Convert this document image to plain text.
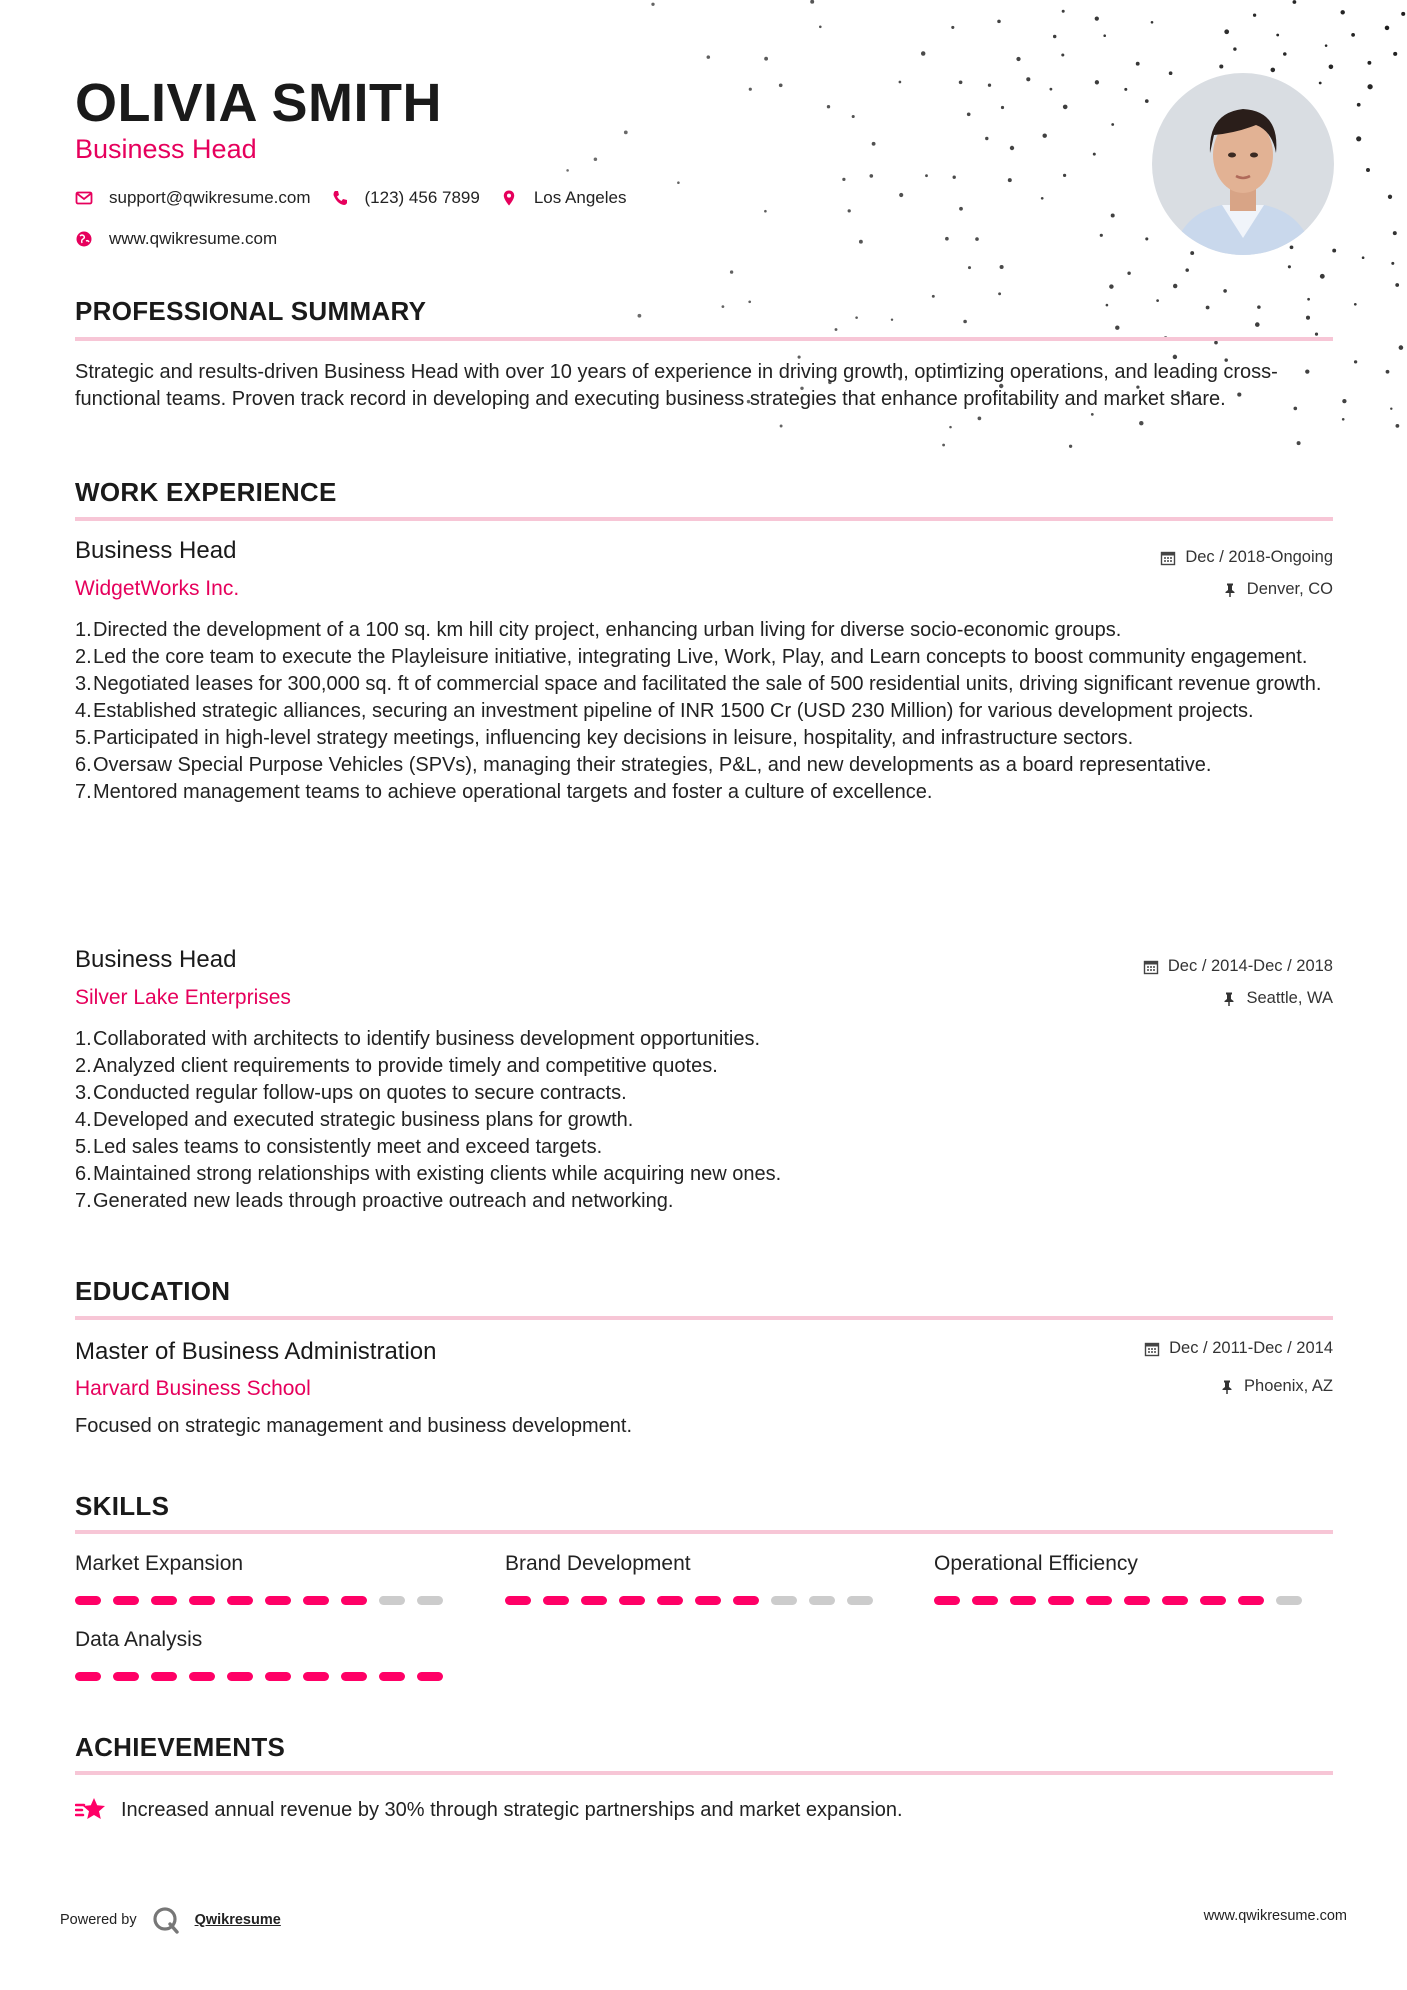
OLIVIA SMITH
Business Head
support@qwikresume.com	(123) 456 7899	Los Angeles
www.qwikresume.com
PROFESSIONAL SUMMARY
Strategic and results-driven Business Head with over 10 years of experience in driving growth, optimizing operations, and leading cross-functional teams. Proven track record in developing and executing business strategies that enhance profitability and market share.
WORK EXPERIENCE
Business Head
WidgetWorks Inc.
Dec / 2018-Ongoing
Denver, CO
Directed the development of a 100 sq. km hill city project, enhancing urban living for diverse socio-economic groups.
Led the core team to execute the Playleisure initiative, integrating Live, Work, Play, and Learn concepts to boost community engagement.
Negotiated leases for 300,000 sq. ft of commercial space and facilitated the sale of 500 residential units, driving significant revenue growth.
Established strategic alliances, securing an investment pipeline of INR 1500 Cr (USD 230 Million) for various development projects.
Participated in high-level strategy meetings, influencing key decisions in leisure, hospitality, and infrastructure sectors.
Oversaw Special Purpose Vehicles (SPVs), managing their strategies, P&L, and new developments as a board representative.
Mentored management teams to achieve operational targets and foster a culture of excellence.
Business Head
Silver Lake Enterprises
Dec / 2014-Dec / 2018
Seattle, WA
Collaborated with architects to identify business development opportunities.
Analyzed client requirements to provide timely and competitive quotes.
Conducted regular follow-ups on quotes to secure contracts.
Developed and executed strategic business plans for growth.
Led sales teams to consistently meet and exceed targets.
Maintained strong relationships with existing clients while acquiring new ones.
Generated new leads through proactive outreach and networking.
EDUCATION
Master of Business Administration
Harvard Business School
Dec / 2011-Dec / 2014
Phoenix, AZ
Focused on strategic management and business development.
SKILLS
Market Expansion	Brand Development	Operational Efficiency
Data Analysis
ACHIEVEMENTS
Increased annual revenue by 30% through strategic partnerships and market expansion.
Powered by	Qwikresume	www.qwikresume.com
